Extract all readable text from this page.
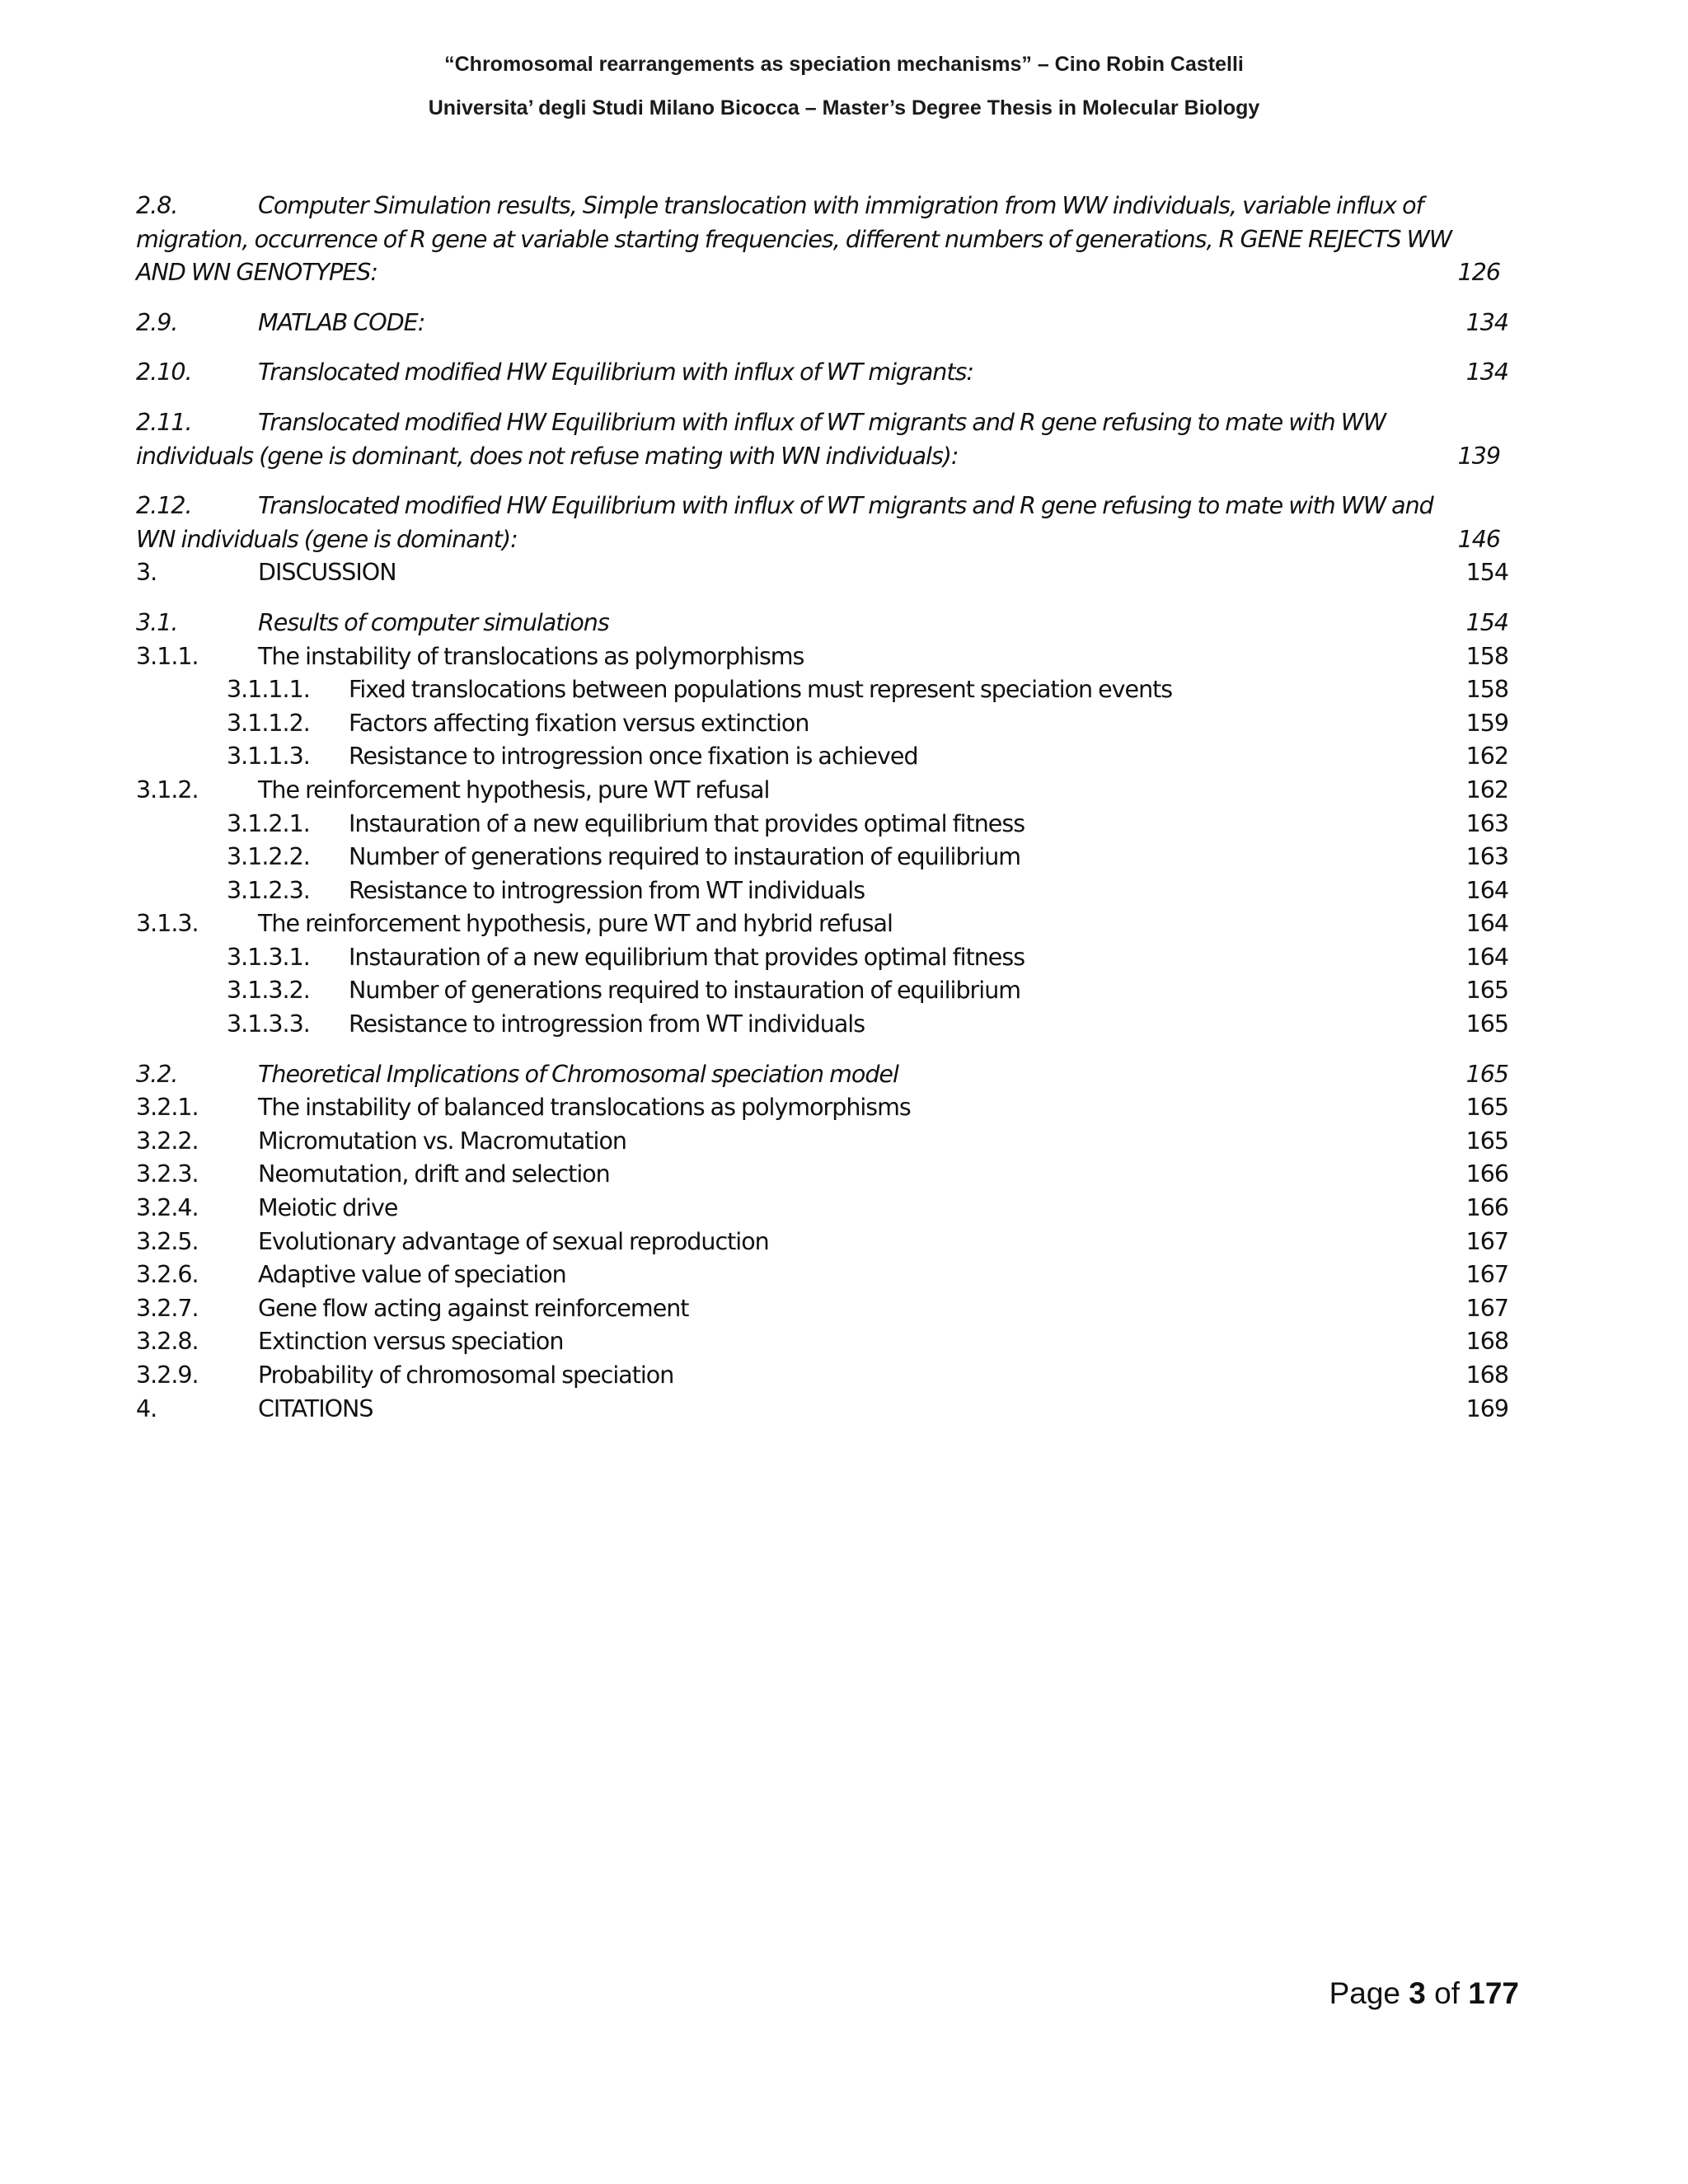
“Chromosomal rearrangements as speciation mechanisms” – Cino Robin Castelli
Universita’ degli Studi Milano Bicocca – Master’s Degree Thesis in Molecular Biology
2.8.	Computer Simulation results, Simple translocation with immigration from WW individuals, variable influx of
migration, occurrence of R gene at variable starting frequencies, different numbers of generations, R GENE REJECTS WW
AND WN GENOTYPES:	126
2.9.	MATLAB CODE:	134
2.10.	Translocated modified HW Equilibrium with influx of WT migrants:	134
2.11.	Translocated modified HW Equilibrium with influx of WT migrants and R gene refusing to mate with WW
individuals (gene is dominant, does not refuse mating with WN individuals):	139
2.12.	Translocated modified HW Equilibrium with influx of WT migrants and R gene refusing to mate with WW and
WN individuals (gene is dominant):	146
3.	DISCUSSION	154
3.1.	Results of computer simulations	154
3.1.1.	The instability of translocations as polymorphisms	158
3.1.1.1. Fixed translocations between populations must represent speciation events	158
3.1.1.2. Factors affecting fixation versus extinction	159
3.1.1.3. Resistance to introgression once fixation is achieved	162
3.1.2.	The reinforcement hypothesis, pure WT refusal	162
3.1.2.1. Instauration of a new equilibrium that provides optimal fitness	163
3.1.2.2. Number of generations required to instauration of equilibrium	163
3.1.2.3. Resistance to introgression from WT individuals	164
3.1.3.	The reinforcement hypothesis, pure WT and hybrid refusal	164
3.1.3.1. Instauration of a new equilibrium that provides optimal fitness	164
3.1.3.2. Number of generations required to instauration of equilibrium	165
3.1.3.3. Resistance to introgression from WT individuals	165
3.2.	Theoretical Implications of Chromosomal speciation model	165
3.2.1.	The instability of balanced translocations as polymorphisms	165
3.2.2.	Micromutation vs. Macromutation	165
3.2.3.	Neomutation, drift and selection	166
3.2.4.	Meiotic drive	166
3.2.5.	Evolutionary advantage of sexual reproduction	167
3.2.6.	Adaptive value of speciation	167
3.2.7.	Gene flow acting against reinforcement	167
3.2.8.	Extinction versus speciation	168
3.2.9.	Probability of chromosomal speciation	168
4.	CITATIONS	169
Page 3 of 177
